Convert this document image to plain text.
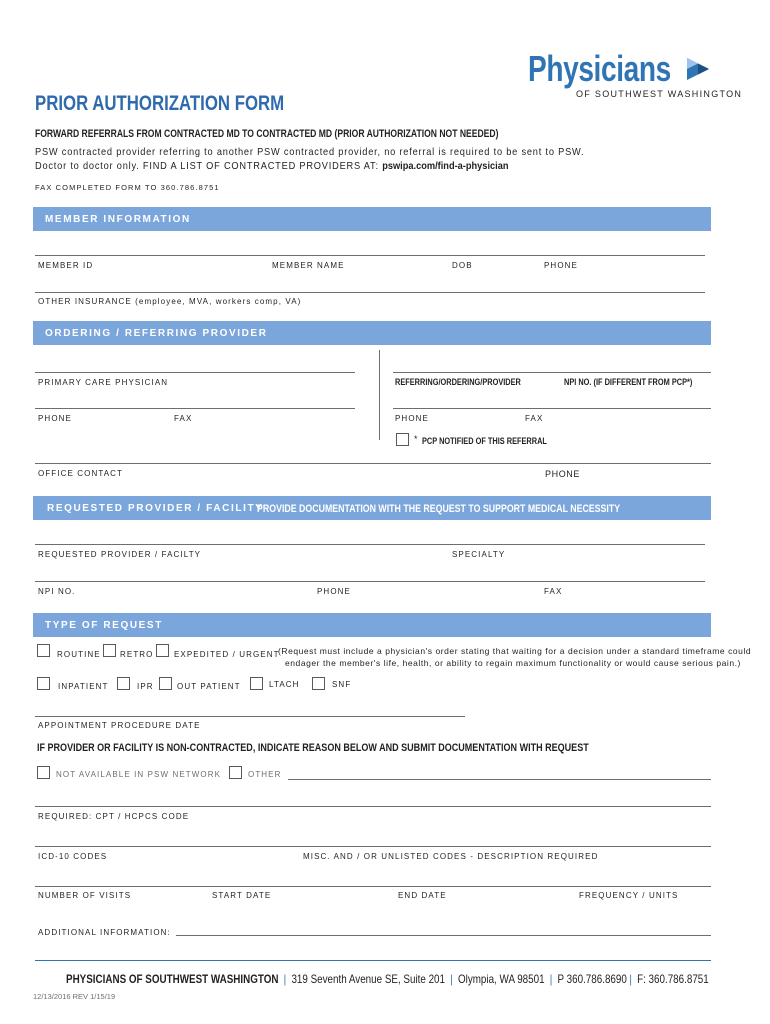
Physicians
OF SOUTHWEST WASHINGTON
PRIOR AUTHORIZATION FORM
FORWARD REFERRALS FROM CONTRACTED MD TO CONTRACTED MD (PRIOR AUTHORIZATION NOT NEEDED)
PSW contracted provider referring to another PSW contracted provider, no referral is required to be sent to PSW.
Doctor to doctor only. FIND A LIST OF CONTRACTED PROVIDERS AT: pswipa.com/find-a-physician
FAX COMPLETED FORM TO 360.786.8751
MEMBER INFORMATION
MEMBER ID	MEMBER NAME	DOB	PHONE
OTHER INSURANCE (employee, MVA, workers comp, VA)
ORDERING / REFERRING PROVIDER
PRIMARY CARE PHYSICIAN	REFERRING/ORDERING/PROVIDER	NPI NO. (IF DIFFERENT FROM PCP*)
PHONE	FAX	PHONE	FAX
* PCP NOTIFIED OF THIS REFERRAL
OFFICE CONTACT	PHONE
REQUESTED PROVIDER / FACILITY
PROVIDE DOCUMENTATION WITH THE REQUEST TO SUPPORT MEDICAL NECESSITY
REQUESTED PROVIDER / FACILTY	SPECIALTY
NPI NO.	PHONE	FAX
TYPE OF REQUEST
ROUTINE RETRO	EXPEDITED / URGENT
(Request must include a physician's order stating that waiting for a decision under a standard timeframe could
endager the member's life, health, or ability to regain maximum functionality or would cause serious pain.)
INPATIENT	IPR	OUT PATIENT	LTACH	SNF
APPOINTMENT PROCEDURE DATE
IF PROVIDER OR FACILITY IS NON-CONTRACTED, INDICATE REASON BELOW AND SUBMIT DOCUMENTATION WITH REQUEST
NOT AVAILABLE IN PSW NETWORK	OTHER
REQUIRED: CPT / HCPCS CODE
ICD-10 CODES	MISC. AND / OR UNLISTED CODES - DESCRIPTION REQUIRED
NUMBER OF VISITS	START DATE	END DATE	FREQUENCY / UNITS
ADDITIONAL INFORMATION:
PHYSICIANS OF SOUTHWEST WASHINGTON | 319 Seventh Avenue SE, Suite 201 | Olympia, WA 98501 | P 360.786.8690 | F: 360.786.8751
12/13/2016 REV 1/15/19
